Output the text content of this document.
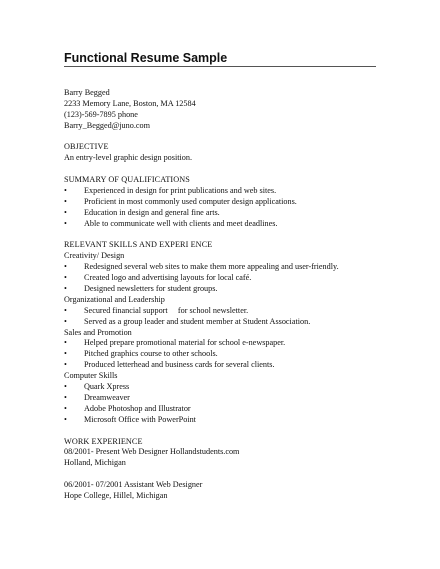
Functional Resume Sample
Barry Begged
2233 Memory Lane, Boston, MA 12584
(123)-569-7895 phone
Barry_Begged@juno.com
OBJECTIVE
An entry-level graphic design position.
SUMMARY OF QUALIFICATIONS
•	Experienced in design for print publications and web sites.
•	Proficient in most commonly used computer design applications.
•	Education in design and general fine arts.
•	Able to communicate well with clients and meet deadlines.
RELEVANT SKILLS AND EXPERI ENCE
Creativity/ Design
•	Redesigned several web sites to make them more appealing and user-friendly.
•	Created logo and advertising layouts for local café.
•	Designed newsletters for student groups.
Organizational and Leadership
•	Secured financial support     for school newsletter.
•	Served as a group leader and student member at Student Association.
Sales and Promotion
•	Helped prepare promotional material for school e-newspaper.
•	Pitched graphics course to other schools.
•	Produced letterhead and business cards for several clients.
Computer Skills
•	Quark Xpress
•	Dreamweaver
•	Adobe Photoshop and Illustrator
•	Microsoft Office with PowerPoint
WORK EXPERIENCE
08/2001- Present Web Designer Hollandstudents.com
Holland, Michigan
06/2001- 07/2001 Assistant Web Designer
Hope College, Hillel, Michigan
